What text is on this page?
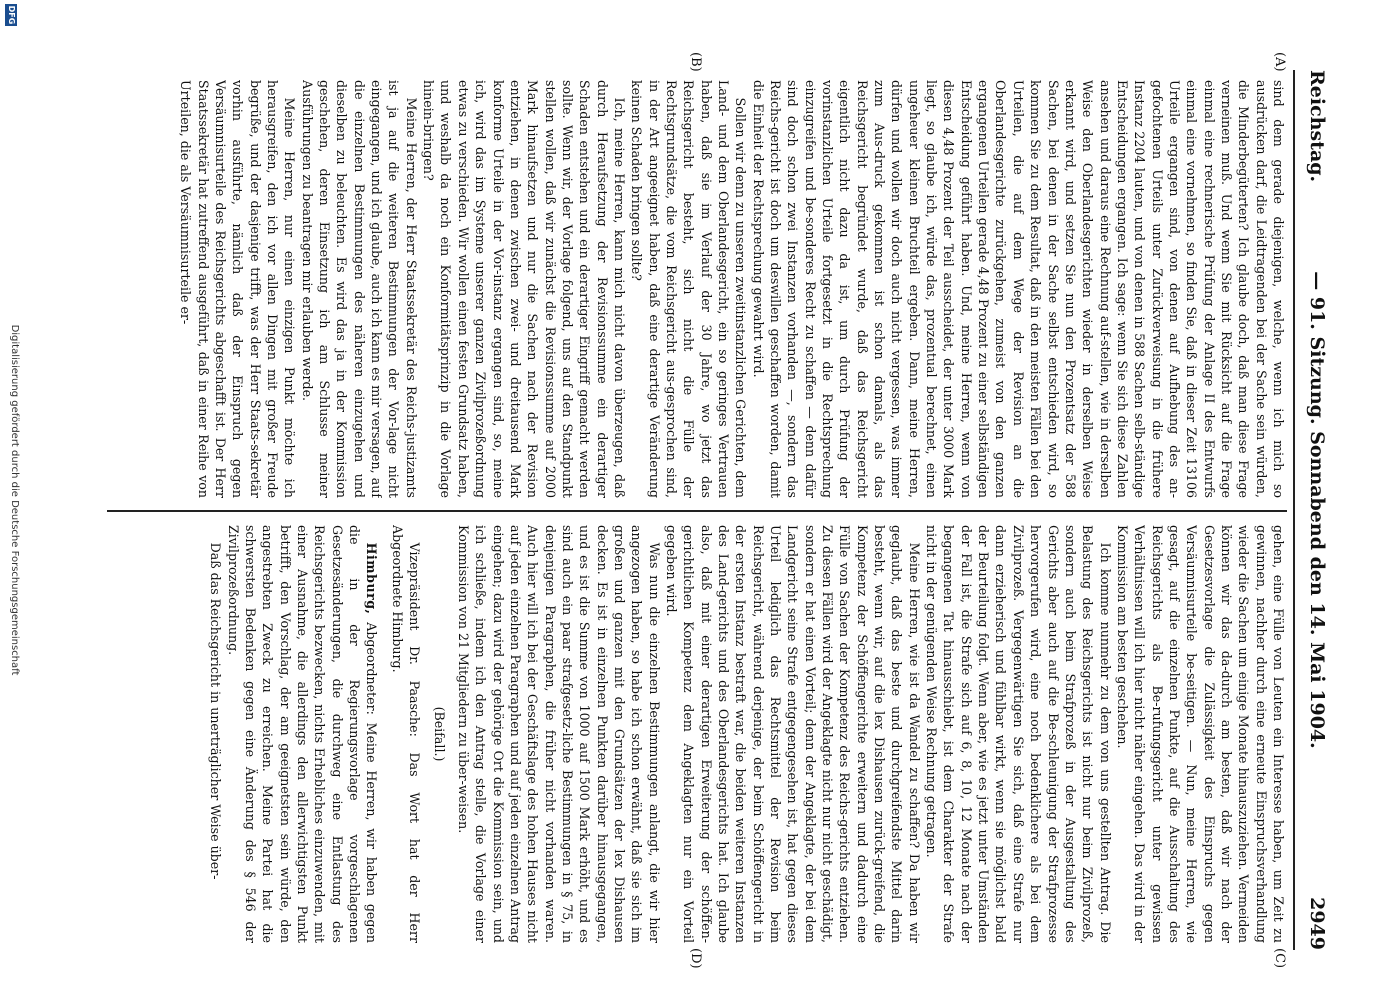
Reichstag.
— 91. Sitzung. Sonnabend den 14. Mai 1904.
2949
(A)
(B)
(C)
(D)

sind dem gerade diejenigen, welche, wenn ich mich so ausdrücken darf, die Leidtragenden bei der Sache sein würden, die Minderbegüterten? Ich glaube doch, daß man diese Frage verneinen muß. Und wenn Sie mit Rücksicht auf die Frage einmal eine rechnerische Prüfung der Anlage II des Entwurfs einmal eine vornehmen, so finden Sie, daß in dieser Zeit 13106 Urteile ergangen sind, von denen auf Aufhebung des an-gefochtenen Urteils unter Zurückverweisung in die frühere Instanz 2204 lauten, und von denen in 588 Sachen selb-ständige Entscheidungen ergangen. Ich sage: wenn Sie sich diese Zahlen ansehen und daraus eine Rechnung auf-stellen, wie in derselben Weise den Oberlandesgerichten wieder in derselben Weise erkannt wird, und setzen Sie nun den Prozentsatz der 588 Sachen, bei denen in der Sache selbst entschieden wird, so kommen Sie zu dem Resultat, daß in den meisten Fällen bei den Urteilen, die auf dem Wege der Revision an die Oberlandesgerichte zurückgehen, zumeist von den ganzen ergangenen Urteilen gerade 4,48 Prozent zu einer selbständigen Entscheidung geführt haben. Und, meine Herren, wenn von diesen 4,48 Prozent der Teil ausscheidet, der unter 3000 Mark liegt, so glaube ich, würde das, prozentual berechnet, einen ungeheuer kleinen Bruchteil ergeben. Dann, meine Herren, dürfen und wollen wir doch auch nicht vergessen, was immer zum Aus-druck gekommen ist schon damals, als das Reichsgericht begründet wurde, daß das Reichsgericht eigentlich nicht dazu da ist, um durch Prüfung der vorinstanzlichen Urteile fortgesetzt in die Rechtsprechung einzugreifen und be-sonderes Recht zu schaffen — denn dafür sind doch schon zwei Instanzen vorhanden —, sondern das Reichs-gericht ist doch um deswillen geschaffen worden, damit die Einheit der Rechtsprechung gewahrt wird.

Sollen wir denn zu unseren zweitinstanzlichen Gerichten, dem Land- und dem Oberlandesgericht, ein so geringes Vertrauen haben, daß sie im Verlauf der 30 Jahre, wo jetzt das Reichsgericht besteht, sich nicht die Fülle der Rechtsgrundsätze, die vom Reichsgericht aus-gesprochen sind, in der Art angeeignet haben, daß eine derartige Veränderung keinen Schaden bringen sollte?

Ich, meine Herren, kann mich nicht davon überzeugen, daß durch Heraufsetzung der Revisionssumme ein derartiger Schaden entstehen und ein derartiger Eingriff gemacht werden sollte. Wenn wir, der Vorlage folgend, uns auf den Standpunkt stellen wollen, daß wir zunächst die Revisionssumme auf 2000 Mark hinaufsetzen und nur die Sachen nach der Revision entziehen, in denen zwischen zwei- und dreitausend Mark konforme Urteile in der Vor-instanz ergangen sind, so, meine ich, wird das im Systeme unserer ganzen Zivilprozeßordnung etwas zu verschieden. Wir wollen einen festen Grundsatz haben, und weshalb da noch ein Konformitätsprinzip in die Vorlage hinein-bringen?

Meine Herren, der Herr Staatssekretär des Reichs-justizamts ist ja auf die weiteren Bestimmungen der Vor-lage nicht eingegangen, und ich glaube, auch ich kann es mir versagen, auf die einzelnen Bestimmungen des näheren einzugehen und dieselben zu beleuchten. Es wird das ja in der Kommission geschehen, deren Einsetzung ich am Schlusse meiner Ausführungen zu beantragen mir erlauben werde.

Meine Herren, nur einen einzigen Punkt möchte ich herausgreifen, den ich vor allen Dingen mit großer Freude begrüße, und der dasjenige trifft, was der Herr Staats-sekretär vorhin ausführte, nämlich daß der Einspruch gegen Versäumnisurteile des Reichsgerichts abgeschafft ist. Der Herr Staatssekretär hat zutreffend ausgeführt, daß in einer Reihe von Urteilen, die als Versäumnisurteile er-

gehen, eine Fülle von Leuten ein Interesse haben, um Zeit zu gewinnen, nachher durch eine erneute Einspruchsverhandlung wieder die Sachen um einige Monate hinauszuziehen. Vermeiden können wir das da-durch am besten, daß wir nach der Gesetzesvorlage die Zulässigkeit des Einspruchs gegen Versäumnisurteile be-seitigen. — Nun, meine Herren, wie gesagt, auf die einzelnen Punkte, auf die Ausschaltung des Reichsgerichts als Be-rufungsgericht unter gewissen Verhältnissen will ich hier nicht näher eingehen. Das wird in der Kommission am besten geschehen.

Ich komme nunmehr zu dem von uns gestellten Antrag. Die Belastung des Reichsgerichts ist nicht nur beim Zivilprozeß, sondern auch beim Strafprozeß in der Ausgestaltung des Gerichts aber auch auf die Be-schleunigung der Strafprozesse hervorgerufen wird, eine noch bedenklichere als bei dem Zivilprozeß. Vergegenwärtigen Sie sich, daß eine Strafe nur dann erzieherisch und fühlbar wirkt, wenn sie möglichst bald der Beurteilung folgt. Wenn aber, wie es jetzt unter Umständen der Fall ist, die Strafe sich auf 6, 8, 10, 12 Monate nach der begangenen Tat hinausschiebt, ist dem Charakter der Strafe nicht in der genügenden Weise Rechnung getragen.

Meine Herren, wie ist da Wandel zu schaffen? Da haben wir geglaubt, daß das beste und durchgreifendste Mittel darin besteht, wenn wir, auf die lex Dishausen zurück-greifend, die Kompetenz der Schöffengerichte erweitern und dadurch eine Fülle von Sachen der Kompetenz des Reichs-gerichts entziehen. Zu diesen Fällen wird der Angeklagte nicht nur nicht geschädigt, sondern er hat einen Vorteil; denn der Angeklagte, der bei dem Landgericht seine Strafe entgegengesehen ist, hat gegen dieses Urteil lediglich das Rechtsmittel der Revision beim Reichsgericht, während derjenige, der beim Schöffengericht in der ersten Instanz bestraft war, die beiden weiteren Instanzen des Land-gerichts und des Oberlandesgerichts hat. Ich glaube also, daß mit einer derartigen Erweiterung der schöffen-gerichtlichen Kompetenz dem Angeklagten nur ein Vorteil gegeben wird.

Was nun die einzelnen Bestimmungen anlangt, die wir hier angezogen haben, so habe ich schon erwähnt, daß sie sich im großen und ganzen mit den Grundsätzen der lex Dishausen decken. Es ist in einzelnen Punkten darüber hinausgegangen, und es ist die Summe von 1000 auf 1500 Mark erhöht, und es sind auch ein paar strafgesetz-liche Bestimmungen in § 75, in denjenigen Paragraphen, die früher nicht vorhanden waren. Auch hier will ich bei der Geschäftslage des hohen Hauses nicht auf jeden einzelnen Paragraphen und auf jeden einzelnen Antrag eingehen; dazu wird der gehörige Ort die Kommission sein, und ich schließe, indem ich den Antrag stelle, die Vorlage einer Kommission von 21 Mitgliedern zu über-weisen.

(Beifall.)

Vizepräsident Dr. Paasche: Das Wort hat der Herr Abgeordnete Himburg.

Himburg, Abgeordneter: Meine Herren, wir haben gegen die in der Regierungsvorlage vorgeschlagenen Gesetzesänderungen, die durchweg eine Entlastung des Reichsgerichts bezwecken, nichts Erhebliches einzuwenden, mit einer Ausnahme, die allerdings den allerwichtigsten Punkt betrifft, den Vorschlag, der am geeignetsten sein würde, den angestrebten Zweck zu erreichen. Meine Partei hat die schwersten Bedenken gegen eine Änderung des § 546 der Zivilprozeßordnung.

Daß das Reichsgericht in unerträglicher Weise über-

Digitalisierung gefördert durch die Deutsche Forschungsgemeinschaft
DFG
